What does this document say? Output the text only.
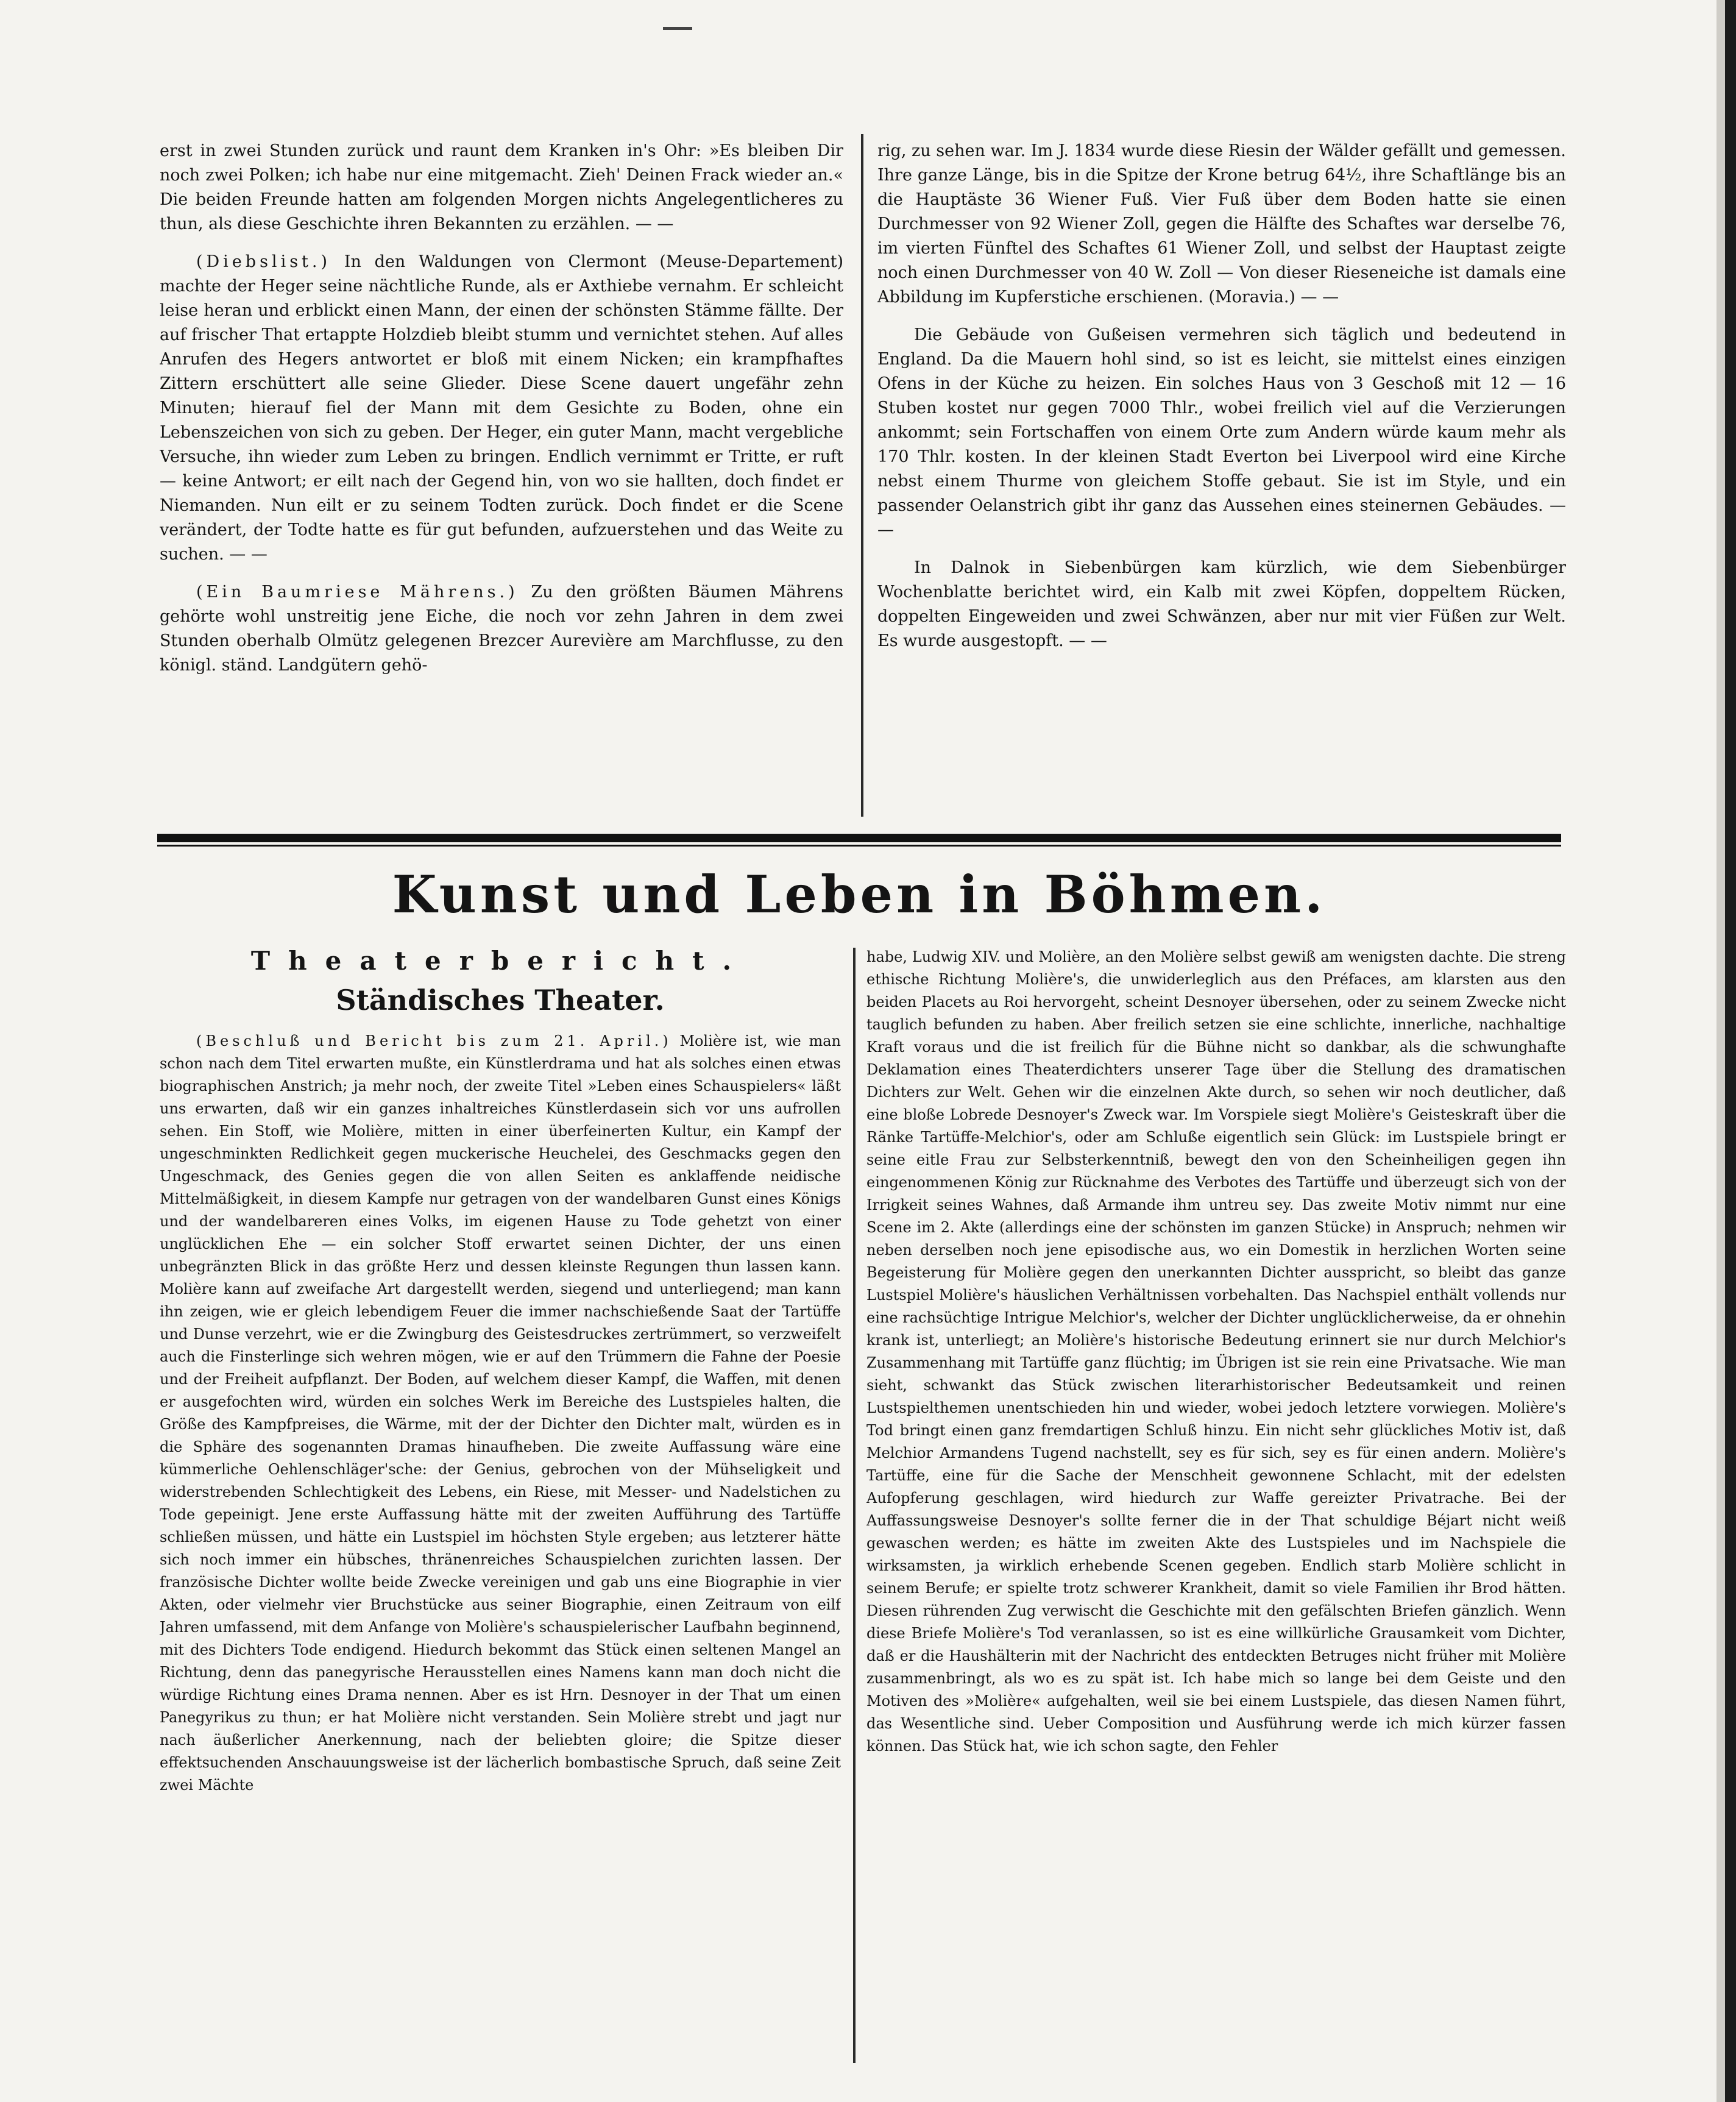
erst in zwei Stunden zurück und raunt dem Kranken in's Ohr: »Es bleiben Dir noch zwei Polken; ich habe nur eine mitgemacht. Zieh' Deinen Frack wieder an.« Die beiden Freunde hatten am folgenden Morgen nichts Angelegentlicheres zu thun, als diese Geschichte ihren Bekannten zu erzählen. — —

(Diebslist.) In den Waldungen von Clermont (Meuse-Departement) machte der Heger seine nächtliche Runde, als er Axthiebe vernahm. Er schleicht leise heran und erblickt einen Mann, der einen der schönsten Stämme fällte. Der auf frischer That ertappte Holzdieb bleibt stumm und vernichtet stehen. Auf alles Anrufen des Hegers antwortet er bloß mit einem Nicken; ein krampfhaftes Zittern erschüttert alle seine Glieder. Diese Scene dauert ungefähr zehn Minuten; hierauf fiel der Mann mit dem Gesichte zu Boden, ohne ein Lebenszeichen von sich zu geben. Der Heger, ein guter Mann, macht vergebliche Versuche, ihn wieder zum Leben zu bringen. Endlich vernimmt er Tritte, er ruft — keine Antwort; er eilt nach der Gegend hin, von wo sie hallten, doch findet er Niemanden. Nun eilt er zu seinem Todten zurück. Doch findet er die Scene verändert, der Todte hatte es für gut befunden, aufzuerstehen und das Weite zu suchen. — —

(Ein Baumriese Mährens.) Zu den größten Bäumen Mährens gehörte wohl unstreitig jene Eiche, die noch vor zehn Jahren in dem zwei Stunden oberhalb Olmütz gelegenen Brezcer Aurevière am Marchflusse, zu den königl. ständ. Landgütern gehö-

rig, zu sehen war. Im J. 1834 wurde diese Riesin der Wälder gefällt und gemessen. Ihre ganze Länge, bis in die Spitze der Krone betrug 64½, ihre Schaftlänge bis an die Hauptäste 36 Wiener Fuß. Vier Fuß über dem Boden hatte sie einen Durchmesser von 92 Wiener Zoll, gegen die Hälfte des Schaftes war derselbe 76, im vierten Fünftel des Schaftes 61 Wiener Zoll, und selbst der Hauptast zeigte noch einen Durchmesser von 40 W. Zoll — Von dieser Rieseneiche ist damals eine Abbildung im Kupferstiche erschienen. (Moravia.) — —

Die Gebäude von Gußeisen vermehren sich täglich und bedeutend in England. Da die Mauern hohl sind, so ist es leicht, sie mittelst eines einzigen Ofens in der Küche zu heizen. Ein solches Haus von 3 Geschoß mit 12 — 16 Stuben kostet nur gegen 7000 Thlr., wobei freilich viel auf die Verzierungen ankommt; sein Fortschaffen von einem Orte zum Andern würde kaum mehr als 170 Thlr. kosten. In der kleinen Stadt Everton bei Liverpool wird eine Kirche nebst einem Thurme von gleichem Stoffe gebaut. Sie ist im Style, und ein passender Oelanstrich gibt ihr ganz das Aussehen eines steinernen Gebäudes. — —

In Dalnok in Siebenbürgen kam kürzlich, wie dem Siebenbürger Wochenblatte berichtet wird, ein Kalb mit zwei Köpfen, doppeltem Rücken, doppelten Eingeweiden und zwei Schwänzen, aber nur mit vier Füßen zur Welt. Es wurde ausgestopft. — —

Kunst und Leben in Böhmen.
Theaterbericht.
Ständisches Theater.

(Beschluß und Bericht bis zum 21. April.) Molière ist, wie man schon nach dem Titel erwarten mußte, ein Künstlerdrama und hat als solches einen etwas biographischen Anstrich; ja mehr noch, der zweite Titel »Leben eines Schauspielers« läßt uns erwarten, daß wir ein ganzes inhaltreiches Künstlerdasein sich vor uns aufrollen sehen. Ein Stoff, wie Molière, mitten in einer überfeinerten Kultur, ein Kampf der ungeschminkten Redlichkeit gegen muckerische Heuchelei, des Geschmacks gegen den Ungeschmack, des Genies gegen die von allen Seiten es anklaffende neidische Mittelmäßigkeit, in diesem Kampfe nur getragen von der wandelbaren Gunst eines Königs und der wandelbareren eines Volks, im eigenen Hause zu Tode gehetzt von einer unglücklichen Ehe — ein solcher Stoff erwartet seinen Dichter, der uns einen unbegränzten Blick in das größte Herz und dessen kleinste Regungen thun lassen kann. Molière kann auf zweifache Art dargestellt werden, siegend und unterliegend; man kann ihn zeigen, wie er gleich lebendigem Feuer die immer nachschießende Saat der Tartüffe und Dunse verzehrt, wie er die Zwingburg des Geistesdruckes zertrümmert, so verzweifelt auch die Finsterlinge sich wehren mögen, wie er auf den Trümmern die Fahne der Poesie und der Freiheit aufpflanzt. Der Boden, auf welchem dieser Kampf, die Waffen, mit denen er ausgefochten wird, würden ein solches Werk im Bereiche des Lustspieles halten, die Größe des Kampfpreises, die Wärme, mit der der Dichter den Dichter malt, würden es in die Sphäre des sogenannten Dramas hinaufheben. Die zweite Auffassung wäre eine kümmerliche Oehlenschläger'sche: der Genius, gebrochen von der Mühseligkeit und widerstrebenden Schlechtigkeit des Lebens, ein Riese, mit Messer- und Nadelstichen zu Tode gepeinigt. Jene erste Auffassung hätte mit der zweiten Aufführung des Tartüffe schließen müssen, und hätte ein Lustspiel im höchsten Style ergeben; aus letzterer hätte sich noch immer ein hübsches, thränenreiches Schauspielchen zurichten lassen. Der französische Dichter wollte beide Zwecke vereinigen und gab uns eine Biographie in vier Akten, oder vielmehr vier Bruchstücke aus seiner Biographie, einen Zeitraum von eilf Jahren umfassend, mit dem Anfange von Molière's schauspielerischer Laufbahn beginnend, mit des Dichters Tode endigend. Hiedurch bekommt das Stück einen seltenen Mangel an Richtung, denn das panegyrische Herausstellen eines Namens kann man doch nicht die würdige Richtung eines Drama nennen. Aber es ist Hrn. Desnoyer in der That um einen Panegyrikus zu thun; er hat Molière nicht verstanden. Sein Molière strebt und jagt nur nach äußerlicher Anerkennung, nach der beliebten gloire; die Spitze dieser effektsuchenden Anschauungsweise ist der lächerlich bombastische Spruch, daß seine Zeit zwei Mächte

habe, Ludwig XIV. und Molière, an den Molière selbst gewiß am wenigsten dachte. Die streng ethische Richtung Molière's, die unwiderleglich aus den Préfaces, am klarsten aus den beiden Placets au Roi hervorgeht, scheint Desnoyer übersehen, oder zu seinem Zwecke nicht tauglich befunden zu haben. Aber freilich setzen sie eine schlichte, innerliche, nachhaltige Kraft voraus und die ist freilich für die Bühne nicht so dankbar, als die schwunghafte Deklamation eines Theaterdichters unserer Tage über die Stellung des dramatischen Dichters zur Welt. Gehen wir die einzelnen Akte durch, so sehen wir noch deutlicher, daß eine bloße Lobrede Desnoyer's Zweck war. Im Vorspiele siegt Molière's Geisteskraft über die Ränke Tartüffe-Melchior's, oder am Schluße eigentlich sein Glück: im Lustspiele bringt er seine eitle Frau zur Selbsterkenntniß, bewegt den von den Scheinheiligen gegen ihn eingenommenen König zur Rücknahme des Verbotes des Tartüffe und überzeugt sich von der Irrigkeit seines Wahnes, daß Armande ihm untreu sey. Das zweite Motiv nimmt nur eine Scene im 2. Akte (allerdings eine der schönsten im ganzen Stücke) in Anspruch; nehmen wir neben derselben noch jene episodische aus, wo ein Domestik in herzlichen Worten seine Begeisterung für Molière gegen den unerkannten Dichter ausspricht, so bleibt das ganze Lustspiel Molière's häuslichen Verhältnissen vorbehalten. Das Nachspiel enthält vollends nur eine rachsüchtige Intrigue Melchior's, welcher der Dichter unglücklicherweise, da er ohnehin krank ist, unterliegt; an Molière's historische Bedeutung erinnert sie nur durch Melchior's Zusammenhang mit Tartüffe ganz flüchtig; im Übrigen ist sie rein eine Privatsache. Wie man sieht, schwankt das Stück zwischen literarhistorischer Bedeutsamkeit und reinen Lustspielthemen unentschieden hin und wieder, wobei jedoch letztere vorwiegen. Molière's Tod bringt einen ganz fremdartigen Schluß hinzu. Ein nicht sehr glückliches Motiv ist, daß Melchior Armandens Tugend nachstellt, sey es für sich, sey es für einen andern. Molière's Tartüffe, eine für die Sache der Menschheit gewonnene Schlacht, mit der edelsten Aufopferung geschlagen, wird hiedurch zur Waffe gereizter Privatrache. Bei der Auffassungsweise Desnoyer's sollte ferner die in der That schuldige Béjart nicht weiß gewaschen werden; es hätte im zweiten Akte des Lustspieles und im Nachspiele die wirksamsten, ja wirklich erhebende Scenen gegeben. Endlich starb Molière schlicht in seinem Berufe; er spielte trotz schwerer Krankheit, damit so viele Familien ihr Brod hätten. Diesen rührenden Zug verwischt die Geschichte mit den gefälschten Briefen gänzlich. Wenn diese Briefe Molière's Tod veranlassen, so ist es eine willkürliche Grausamkeit vom Dichter, daß er die Haushälterin mit der Nachricht des entdeckten Betruges nicht früher mit Molière zusammenbringt, als wo es zu spät ist. Ich habe mich so lange bei dem Geiste und den Motiven des »Molière« aufgehalten, weil sie bei einem Lustspiele, das diesen Namen führt, das Wesentliche sind. Ueber Composition und Ausführung werde ich mich kürzer fassen können. Das Stück hat, wie ich schon sagte, den Fehler
